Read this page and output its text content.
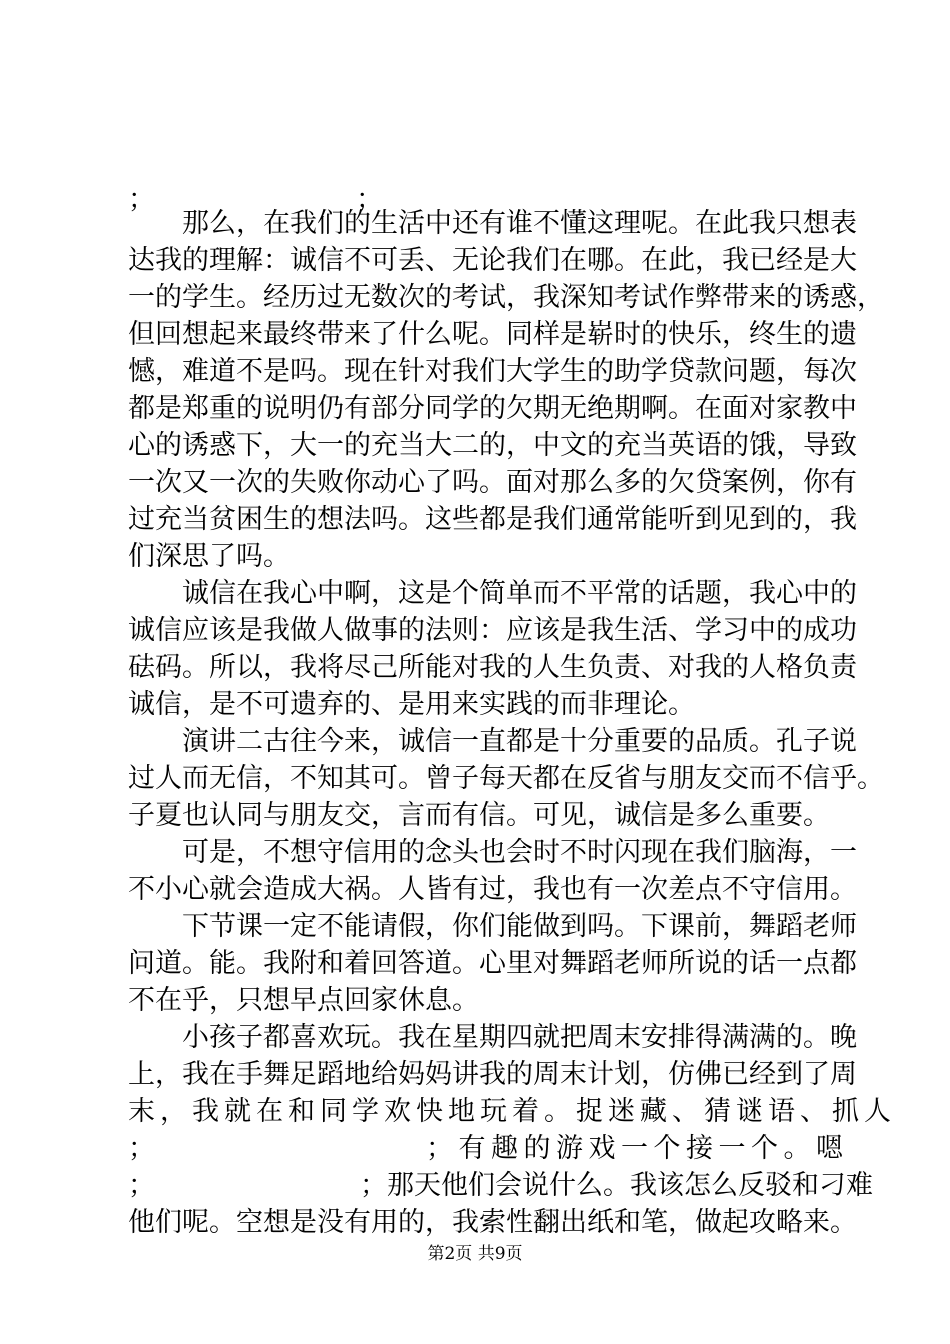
；	；
那么，在我们的生活中还有谁不懂这理呢。在此我只想表
达我的理解：诚信不可丢、无论我们在哪。在此，我已经是大
一的学生。经历过无数次的考试，我深知考试作弊带来的诱惑，
但回想起来最终带来了什么呢。同样是崭时的快乐，终生的遗
憾，难道不是吗。现在针对我们大学生的助学贷款问题，每次
都是郑重的说明仍有部分同学的欠期无绝期啊。在面对家教中
心的诱惑下，大一的充当大二的，中文的充当英语的饿，导致
一次又一次的失败你动心了吗。面对那么多的欠贷案例，你有
过充当贫困生的想法吗。这些都是我们通常能听到见到的，我
们深思了吗。
诚信在我心中啊，这是个简单而不平常的话题，我心中的
诚信应该是我做人做事的法则：应该是我生活、学习中的成功
砝码。所以，我将尽己所能对我的人生负责、对我的人格负责
诚信，是不可遗弃的、是用来实践的而非理论。
演讲二古往今来，诚信一直都是十分重要的品质。孔子说
过人而无信，不知其可。曾子每天都在反省与朋友交而不信乎。
子夏也认同与朋友交，言而有信。可见，诚信是多么重要。
可是，不想守信用的念头也会时不时闪现在我们脑海，一
不小心就会造成大祸。人皆有过，我也有一次差点不守信用。
下节课一定不能请假，你们能做到吗。下课前，舞蹈老师
问道。能。我附和着回答道。心里对舞蹈老师所说的话一点都
不在乎，只想早点回家休息。
小孩子都喜欢玩。我在星期四就把周末安排得满满的。晚
上，我在手舞足蹈地给妈妈讲我的周末计划，仿佛已经到了周
末，我就在和同学欢快地玩着。捉迷藏、猜谜语、抓人
；	；有趣的游戏一个接一个。嗯
；	；那天他们会说什么。我该怎么反驳和刁难
他们呢。空想是没有用的，我索性翻出纸和笔，做起攻略来。
第2页 共9页
